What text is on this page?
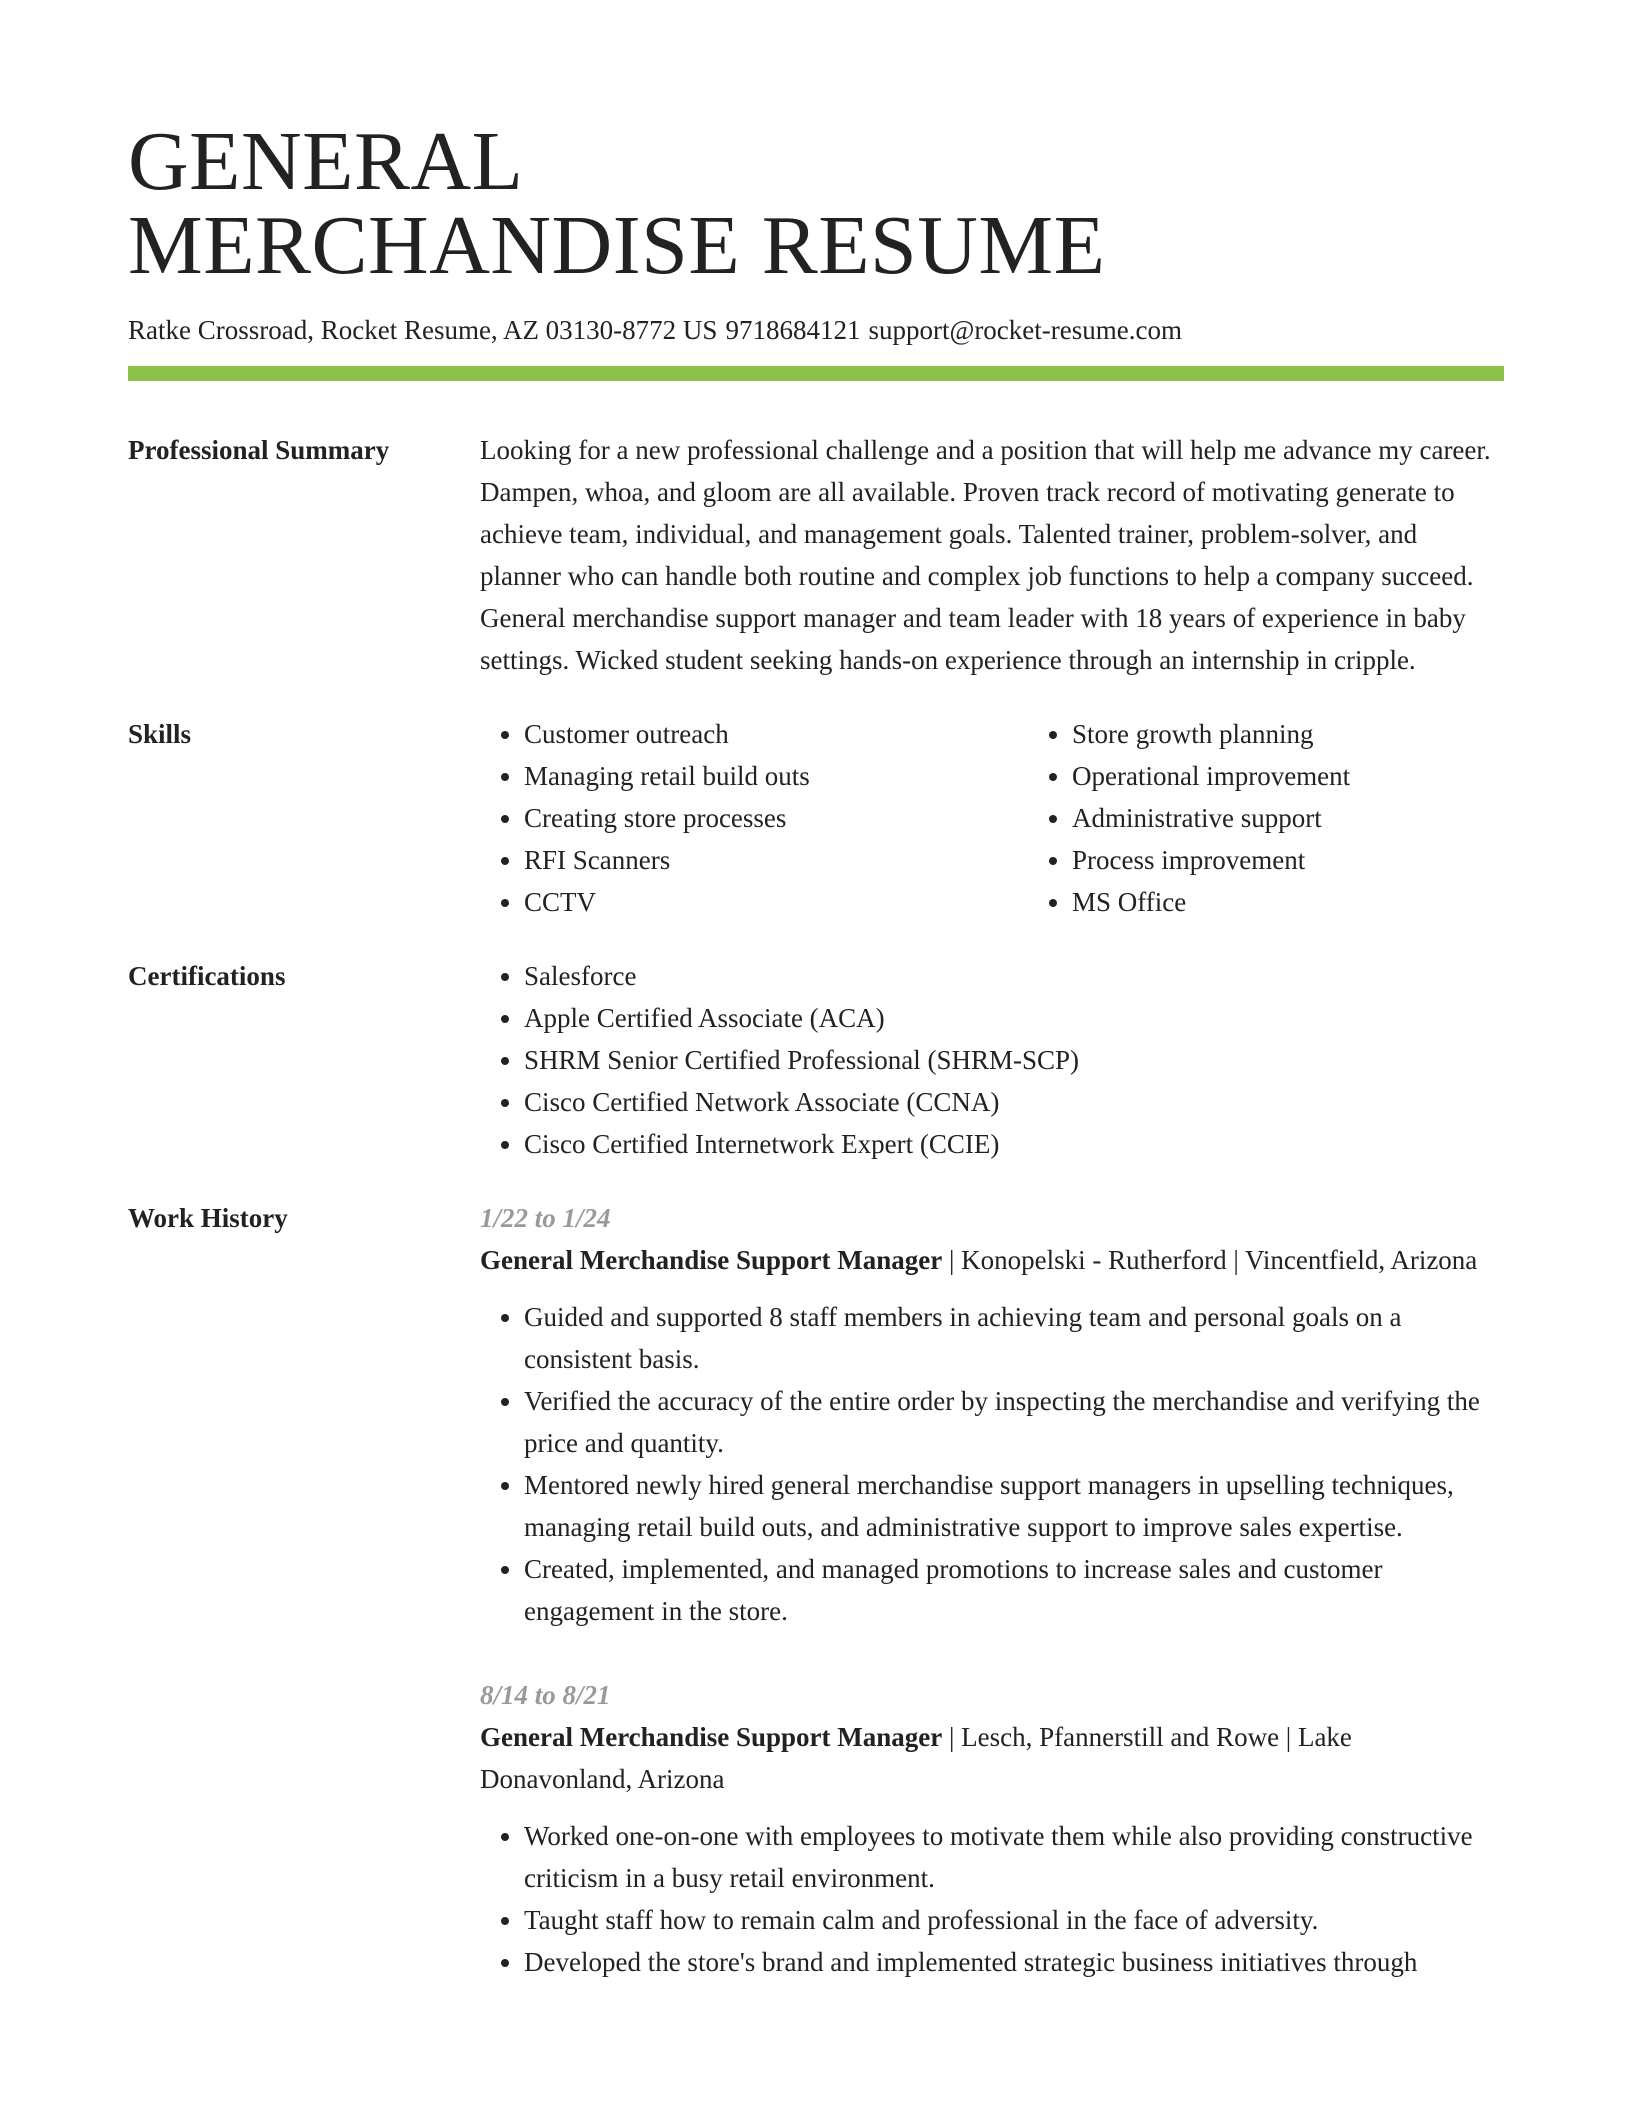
GENERAL
MERCHANDISE RESUME
Ratke Crossroad, Rocket Resume, AZ 03130-8772 US 9718684121 support@rocket-resume.com
Professional Summary	Looking for a new professional challenge and a position that will help me advance my career. Dampen, whoa, and gloom are all available. Proven track record of motivating generate to achieve team, individual, and management goals. Talented trainer, problem-solver, and planner who can handle both routine and complex job functions to help a company succeed. General merchandise support manager and team leader with 18 years of experience in baby settings. Wicked student seeking hands-on experience through an internship in cripple.

Skills	• Customer outreach
• Managing retail build outs
• Creating store processes
• RFI Scanners
• CCTV
• Store growth planning
• Operational improvement
• Administrative support
• Process improvement
• MS Office
Certifications	• Salesforce
• Apple Certified Associate (ACA)
• SHRM Senior Certified Professional (SHRM-SCP)
• Cisco Certified Network Associate (CCNA)
• Cisco Certified Internetwork Expert (CCIE)
Work History	1/22 to 1/24
General Merchandise Support Manager | Konopelski - Rutherford | Vincentfield, Arizona
• Guided and supported 8 staff members in achieving team and personal goals on a consistent basis.
• Verified the accuracy of the entire order by inspecting the merchandise and verifying the price and quantity.
• Mentored newly hired general merchandise support managers in upselling techniques, managing retail build outs, and administrative support to improve sales expertise.
• Created, implemented, and managed promotions to increase sales and customer engagement in the store.
8/14 to 8/21
General Merchandise Support Manager | Lesch, Pfannerstill and Rowe | Lake Donavonland, Arizona
• Worked one-on-one with employees to motivate them while also providing constructive criticism in a busy retail environment.
• Taught staff how to remain calm and professional in the face of adversity.
• Developed the store's brand and implemented strategic business initiatives through
